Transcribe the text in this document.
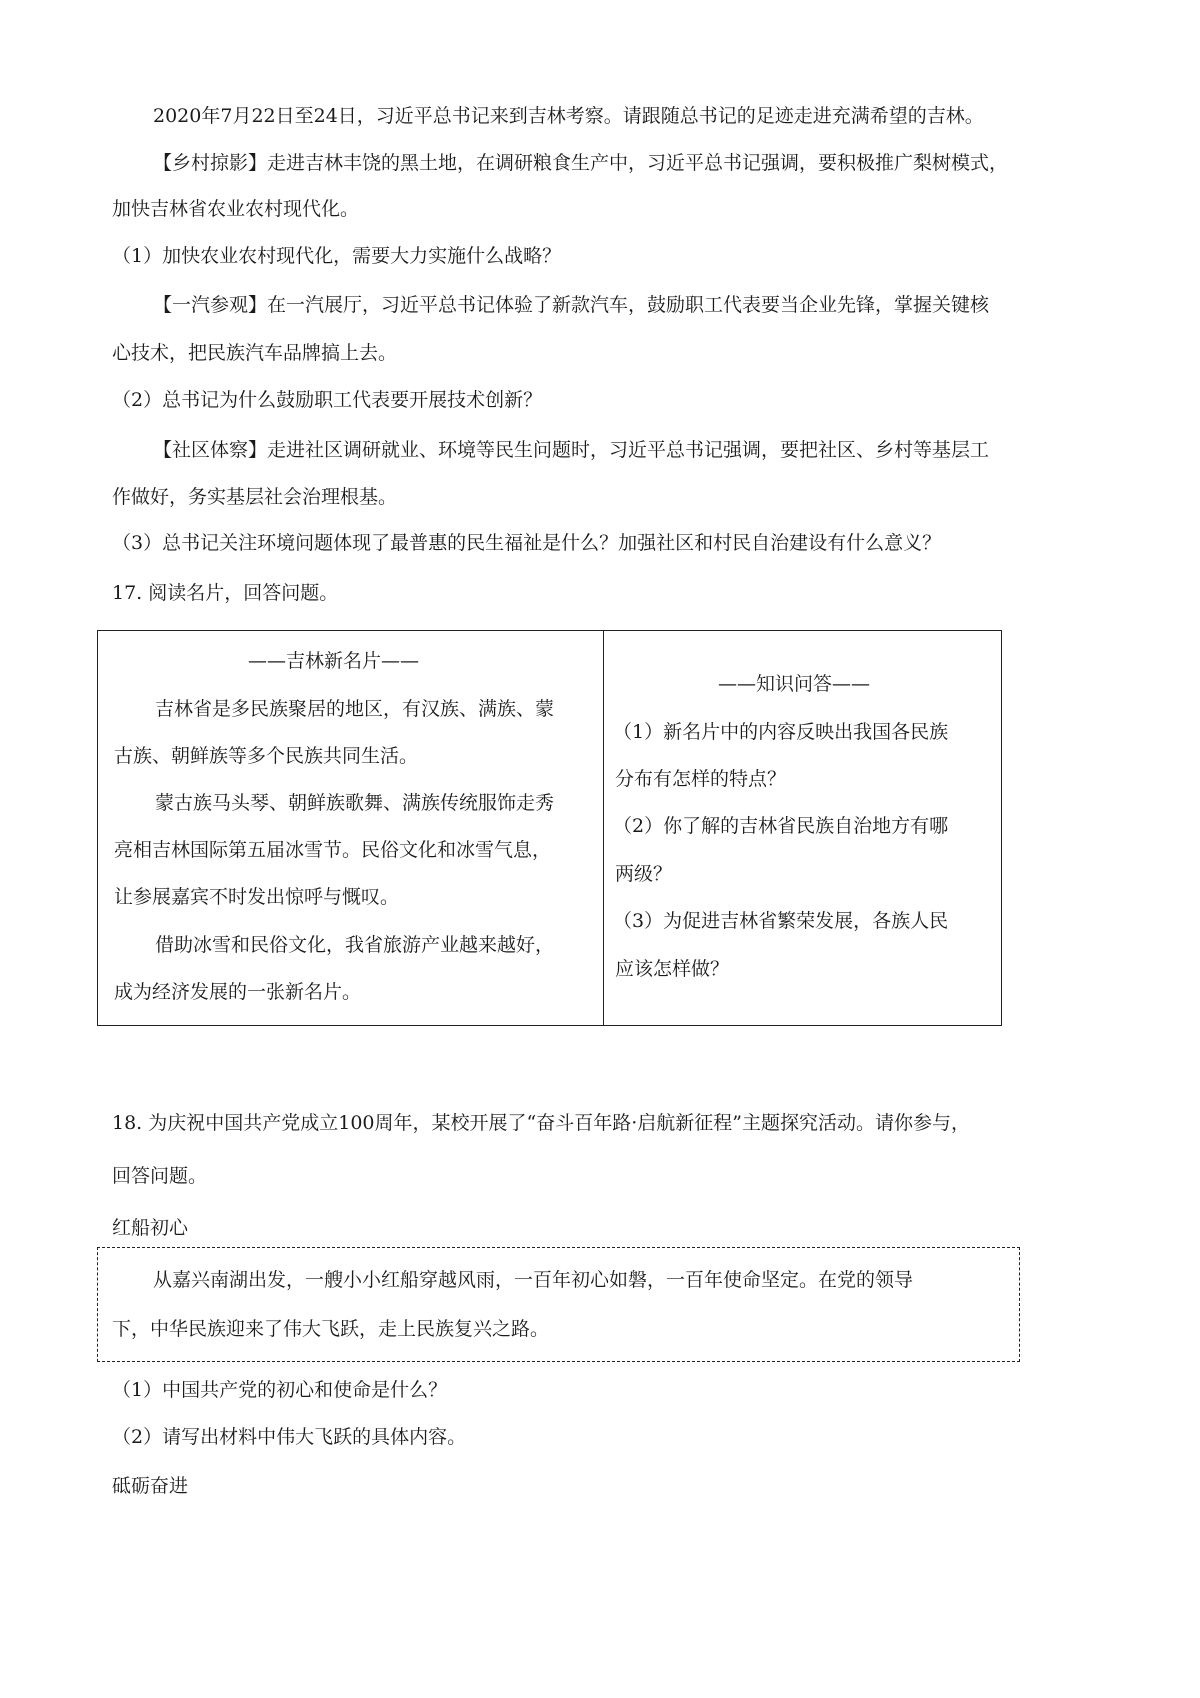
2020年7月22日至24日，习近平总书记来到吉林考察。请跟随总书记的足迹走进充满希望的吉林。
【乡村掠影】走进吉林丰饶的黑土地，在调研粮食生产中，习近平总书记强调，要积极推广梨树模式，
加快吉林省农业农村现代化。
（1）加快农业农村现代化，需要大力实施什么战略？
【一汽参观】在一汽展厅，习近平总书记体验了新款汽车，鼓励职工代表要当企业先锋，掌握关键核
心技术，把民族汽车品牌搞上去。
（2）总书记为什么鼓励职工代表要开展技术创新？
【社区体察】走进社区调研就业、环境等民生问题时，习近平总书记强调，要把社区、乡村等基层工
作做好，务实基层社会治理根基。
（3）总书记关注环境问题体现了最普惠的民生福祉是什么？加强社区和村民自治建设有什么意义？
17. 阅读名片，回答问题。
——吉林新名片——
吉林省是多民族聚居的地区，有汉族、满族、蒙
古族、朝鲜族等多个民族共同生活。
蒙古族马头琴、朝鲜族歌舞、满族传统服饰走秀
亮相吉林国际第五届冰雪节。民俗文化和冰雪气息，
让参展嘉宾不时发出惊呼与慨叹。
借助冰雪和民俗文化，我省旅游产业越来越好，
成为经济发展的一张新名片。
——知识问答——
（1）新名片中的内容反映出我国各民族
分布有怎样的特点？
（2）你了解的吉林省民族自治地方有哪
两级？
（3）为促进吉林省繁荣发展，各族人民
应该怎样做？
18. 为庆祝中国共产党成立100周年，某校开展了“奋斗百年路·启航新征程”主题探究活动。请你参与，
回答问题。
红船初心
从嘉兴南湖出发，一艘小小红船穿越风雨，一百年初心如磐，一百年使命坚定。在党的领导
下，中华民族迎来了伟大飞跃，走上民族复兴之路。
（1）中国共产党的初心和使命是什么？
（2）请写出材料中伟大飞跃的具体内容。
砥砺奋进
